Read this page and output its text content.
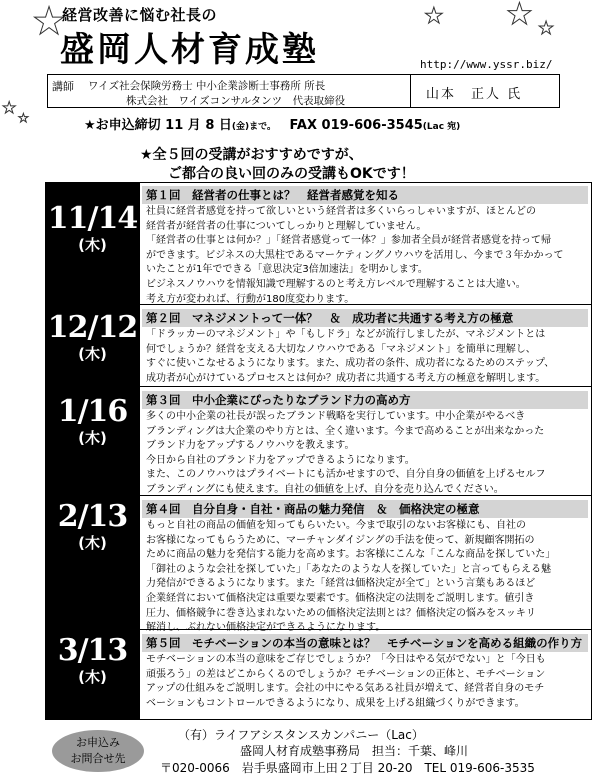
★	★ ★ ★
★
★
経営改善に悩む社長の
盛岡人材育成塾	http://www.yssr.biz/
講師 ワイズ社会保険労務士 中小企業診断士事務所 所長
株式会社　ワイズコンサルタンツ　代表取締役	山本　正人 氏
★お申込締切 11 月 8 日(金)まで。 FAX 019-606-3545(Lac 宛)
★全５回の受講がおすすめですが、
ご都合の良い回のみの受講もOKです！
11/14
(木)
第１回　経営者の仕事とは？　経営者感覚を知る

社員に経営者感覚を持って欲しいという経営者は多くいらっしゃいますが、ほとんどの

経営者が経営者の仕事についてしっかりと理解していません。

「経営者の仕事とは何か？」「経営者感覚って一体？」参加者全員が経営者感覚を持って帰

ができます。ビジネスの大黒柱であるマーケティングノウハウを活用し、今まで３年かかって

いたことが1年でできる「意思決定3倍加速法」を明かします。

ビジネスノウハウを情報知識で理解するのと考え方レベルで理解することは大違い。

考え方が変われば、行動が180度変わります。

12/12
(木)
第２回　マネジメントって一体？　＆　成功者に共通する考え方の極意

「ドラッカーのマネジメント」や「もしドラ」などが流行しましたが、マネジメントとは

何でしょうか？経営を支える大切なノウハウである「マネジメント」を簡単に理解し、

すぐに使いこなせるようになります。また、成功者の条件、成功者になるためのステップ、

成功者が心がけているプロセスとは何か？成功者に共通する考え方の極意を解明します。

1/16
(木)
第３回　中小企業にぴったりなブランド力の高め方

多くの中小企業の社長が誤ったブランド戦略を実行しています。中小企業がやるべき

ブランディングは大企業のやり方とは、全く違います。今まで高めることが出来なかった

ブランド力をアップするノウハウを教えます。

今日から自社のブランド力をアップできるようになります。

また、このノウハウはプライベートにも活かせますので、自分自身の価値を上げるセルフ

ブランディングにも使えます。自社の価値を上げ、自分を売り込んでください。

2/13
(木)
第４回　自分自身・自社・商品の魅力発信　＆　価格決定の極意

もっと自社の商品の価値を知ってもらいたい。今まで取引のないお客様にも、自社の

お客様になってもらうために、マーチャンダイジングの手法を使って、新規顧客開拓の

ために商品の魅力を発信する能力を高めます。お客様にこんな「こんな商品を探していた」

「御社のような会社を探していた」「あなたのような人を探していた」と言ってもらえる魅

力発信ができるようになります。また「経営は価格決定が全て」という言葉もあるほど

企業経営において価格決定は重要な要素です。価格決定の法則をご説明します。値引き

圧力、価格競争に巻き込まれないための価格決定法則とは？価格決定の悩みをスッキリ

解消し、ぶれない価格決定ができるようになります。

3/13
(木)
第５回　モチベーションの本当の意味とは？　モチベーションを高める組織の作り方

モチベーションの本当の意味をご存じでしょうか？「今日はやる気がでない」と「今日も

頑張ろう」の差はどこからくるのでしょうか？モチベーションの正体と、モチベーション

アップの仕組みをご説明します。会社の中にやる気ある社員が増えて、経営者自身のモチ

ベーションもコントロールできるようになり、成果を上げる組織づくりができます。

お申込み
お問合せ先
（有）ライフアシスタンスカンパニー（Lac）
盛岡人材育成塾事務局　担当：千葉、峰川
〒020-0066　岩手県盛岡市上田２丁目 20-20　TEL 019-606-3535
